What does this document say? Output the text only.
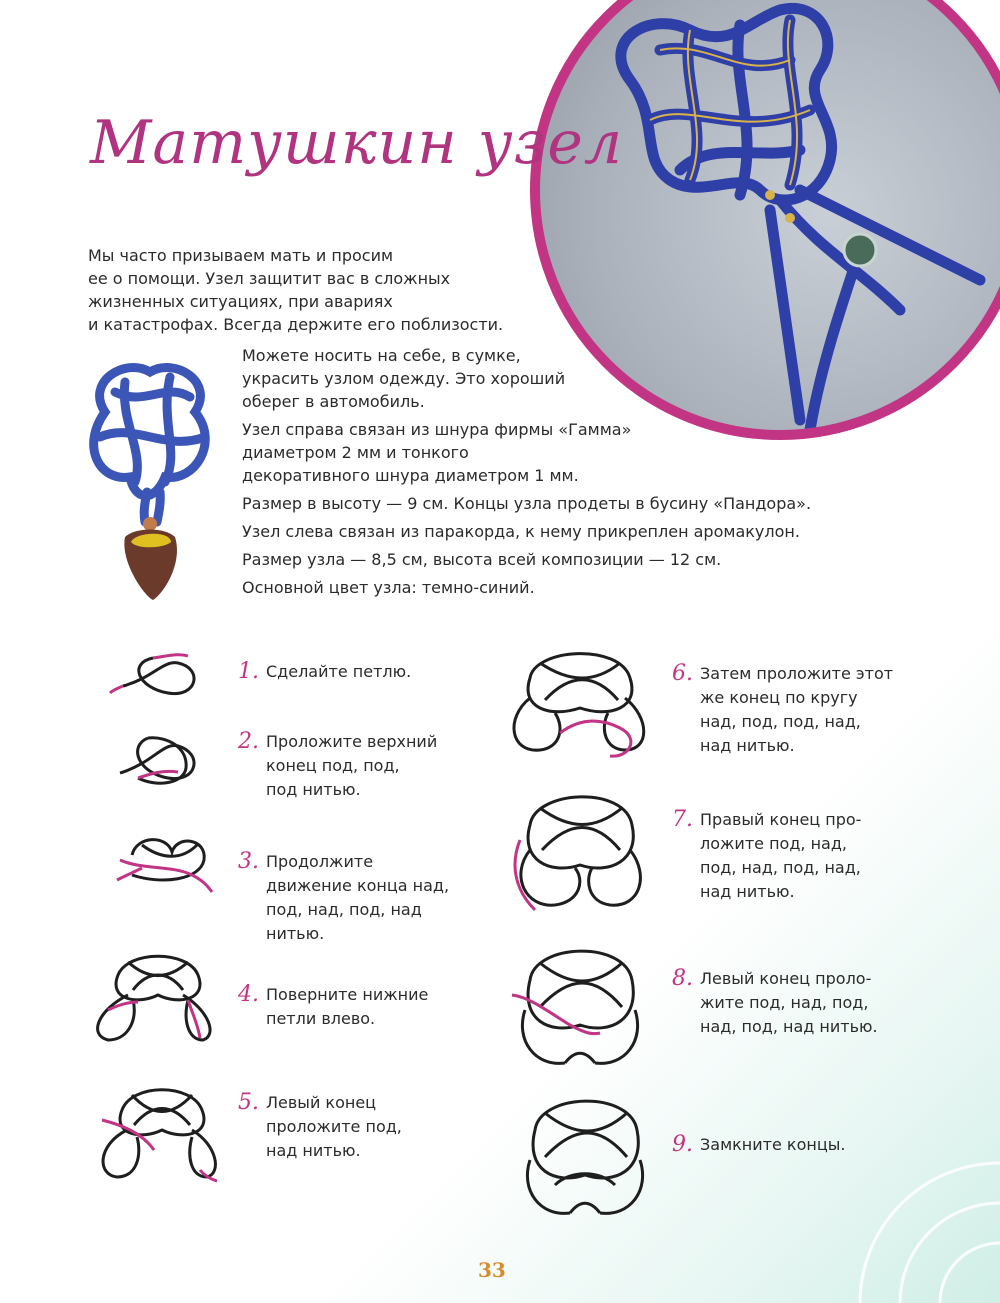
Матушкин узел

Мы часто призываем мать и просим

ее о помощи. Узел защитит вас в сложных

жизненных ситуациях, при авариях

и катастрофах. Всегда держите его поблизости.

Можете носить на себе, в сумке,

украсить узлом одежду. Это хороший

оберег в автомобиль.

Узел справа связан из шнура фирмы «Гамма»

диаметром 2 мм и тонкого

декоративного шнура диаметром 1 мм.

Размер в высоту — 9 см. Концы узла продеты в бусину «Пандора».

Узел слева связан из паракорда, к нему прикреплен аромакулон.

Размер узла — 8,5 см, высота всей композиции — 12 см.

Основной цвет узла: темно-синий.

1. Сделайте петлю.
2. Проложите верхний
конец под, под,
под нитью.
3. Продолжите
движение конца над,
под, над, под, над
нитью.
4. Поверните нижние
петли влево.
5. Левый конец
проложите под,
над нитью.
6. Затем проложите этот
же конец по кругу
над, под, под, над,
над нитью.
7. Правый конец про-
ложите под, над,
под, над, под, над,
над нитью.
8. Левый конец проло-
жите под, над, под,
над, под, над нитью.
9. Замкните концы.
33
